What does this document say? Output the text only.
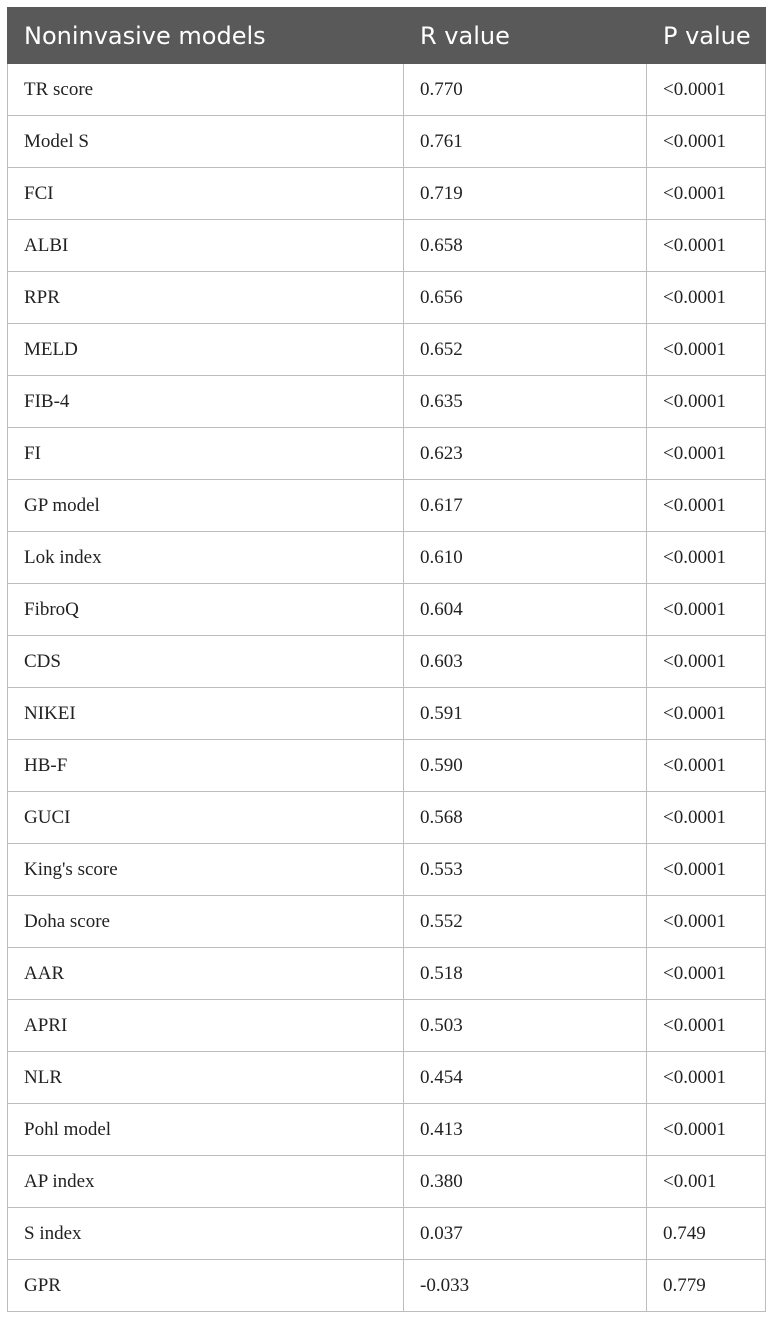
Noninvasive models	R value	P value
TR score	0.770	<0.0001
Model S	0.761	<0.0001
FCI	0.719	<0.0001
ALBI	0.658	<0.0001
RPR	0.656	<0.0001
MELD	0.652	<0.0001
FIB-4	0.635	<0.0001
FI	0.623	<0.0001
GP model	0.617	<0.0001
Lok index	0.610	<0.0001
FibroQ	0.604	<0.0001
CDS	0.603	<0.0001
NIKEI	0.591	<0.0001
HB-F	0.590	<0.0001
GUCI	0.568	<0.0001
King's score	0.553	<0.0001
Doha score	0.552	<0.0001
AAR	0.518	<0.0001
APRI	0.503	<0.0001
NLR	0.454	<0.0001
Pohl model	0.413	<0.0001
AP index	0.380	<0.001
S index	0.037	0.749
GPR	-0.033	0.779
